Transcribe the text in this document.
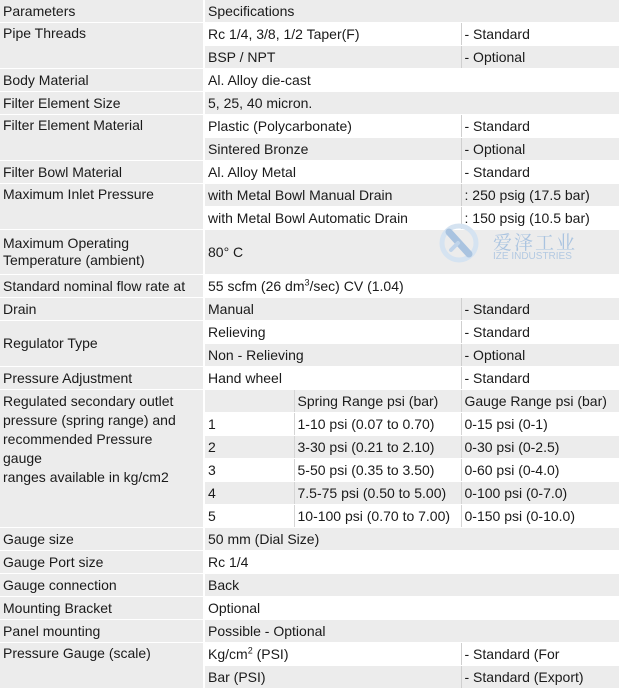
Parameters	Specifications		
Pipe Threads	Rc 1/4, 3/8, 1/2 Taper(F)		- Standard
	BSP / NPT		- Optional
Body Material	Al. Alloy die-cast		
Filter Element Size	5, 25, 40 micron.		
Filter Element Material	Plastic (Polycarbonate)		- Standard
	Sintered Bronze		- Optional
Filter Bowl Material	Al. Alloy Metal		- Standard
Maximum Inlet Pressure	with Metal Bowl Manual Drain		: 250 psig (17.5 bar)
	with Metal Bowl Automatic Drain		: 150 psig (10.5 bar)
Maximum Operating
Temperature (ambient)	80° C		
Standard nominal flow rate at	55 scfm (26 $dm^3/\sec$) CV (1.04)		
Drain	Manual		- Standard
Regulator Type	Relieving		- Standard
	Non - Relieving		- Optional
Pressure Adjustment	Hand wheel		- Standard
Regulated secondary outlet
pressure (spring range) and
recommended Pressure
gauge
ranges available in kg/cm2		Spring Range psi (bar)	Gauge Range psi (bar)
	1	1-10 psi (0.07 to 0.70)	0-15 psi (0-1)
	2	3-30 psi (0.21 to 2.10)	0-30 psi (0-2.5)
	3	5-50 psi (0.35 to 3.50)	0-60 psi (0-4.0)
	4	7.5-75 psi (0.50 to 5.00)	0-100 psi (0-7.0)
	5	10-100 psi (0.70 to 7.00)	0-150 psi (0-10.0)
Gauge size	50 mm (Dial Size)		
Gauge Port size	Rc 1/4		
Gauge connection	Back		
Mounting Bracket	Optional		
Panel mounting	Possible - Optional		
Pressure Gauge (scale)	$Kg/cm^2$ (PSI)		- Standard (For
	Bar (PSI)		- Standard (Export)
爱泽工业
IZE INDUSTRIES
